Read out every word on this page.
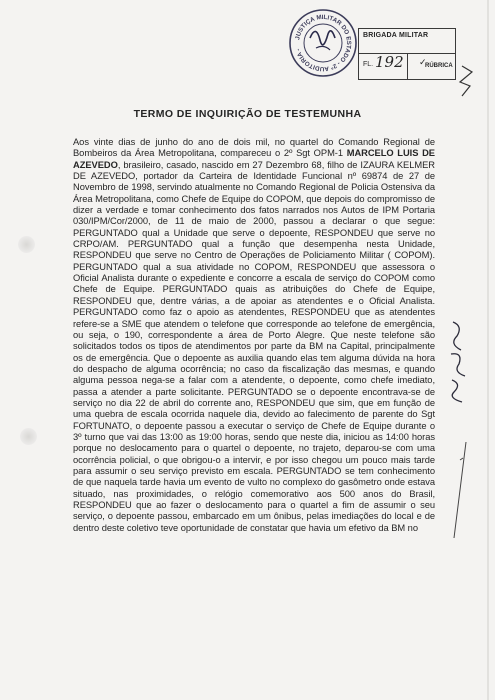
JUSTIÇA MILITAR DO ESTADO - 2ª AUDITORIA -
BRIGADA MILITAR
✓
FL. 192	RÚBRICA
TERMO DE INQUIRIÇÃO DE TESTEMUNHA
Aos vinte dias de junho do ano de dois mil, no quartel do Comando Regional de Bombeiros da Área Metropolitana, compareceu o 2º Sgt OPM-1 MARCELO LUIS DE AZEVEDO, brasileiro, casado, nascido em 27 Dezembro 68, filho de IZAURA KELMER DE AZEVEDO, portador da Carteira de Identidade Funcional nº 69874 de 27 de Novembro de 1998, servindo atualmente no Comando Regional de Policia Ostensiva da Área Metropolitana, como Chefe de Equipe do COPOM, que depois do compromisso de dizer a verdade e tomar conhecimento dos fatos narrados nos Autos de IPM Portaria 030/IPM/Cor/2000, de 11 de maio de 2000, passou a declarar o que segue: PERGUNTADO qual a Unidade que serve o depoente, RESPONDEU que serve no CRPO/AM. PERGUNTADO qual a função que desempenha nesta Unidade, RESPONDEU que serve no Centro de Operações de Policiamento Militar ( COPOM). PERGUNTADO qual a sua atividade no COPOM, RESPONDEU que assessora o Oficial Analista durante o expediente e concorre a escala de serviço do COPOM como Chefe de Equipe. PERGUNTADO quais as atribuições do Chefe de Equipe, RESPONDEU que, dentre várias, a de apoiar as atendentes e o Oficial Analista. PERGUNTADO como faz o apoio as atendentes, RESPONDEU que as atendentes refere-se a SME que atendem o telefone que corresponde ao telefone de emergência, ou seja, o 190, correspondente a área de Porto Alegre. Que neste telefone são solicitados todos os tipos de atendimentos por parte da BM na Capital, principalmente os de emergência. Que o depoente as auxilia quando elas tem alguma dúvida na hora do despacho de alguma ocorrência; no caso da fiscalização das mesmas, e quando alguma pessoa nega-se a falar com a atendente, o depoente, como chefe imediato, passa a atender a parte solicitante. PERGUNTADO se o depoente encontrava-se de serviço no dia 22 de abril do corrente ano, RESPONDEU que sim, que em função de uma quebra de escala ocorrida naquele dia, devido ao falecimento de parente do Sgt FORTUNATO, o depoente passou a executar o serviço de Chefe de Equipe durante o 3º turno que vai das 13:00 as 19:00 horas, sendo que neste dia, iniciou as 14:00 horas porque no deslocamento para o quartel o depoente, no trajeto, deparou-se com uma ocorrência policial, o que obrigou-o a intervir, e por isso chegou um pouco mais tarde para assumir o seu serviço previsto em escala. PERGUNTADO se tem conhecimento de que naquela tarde havia um evento de vulto no complexo do gasômetro onde estava situado, nas proximidades, o relógio comemorativo aos 500 anos do Brasil, RESPONDEU que ao fazer o deslocamento para o quartel a fim de assumir o seu serviço, o depoente passou, embarcado em um ônibus, pelas imediações do local e de dentro deste coletivo teve oportunidade de constatar que havia um efetivo da BM no
